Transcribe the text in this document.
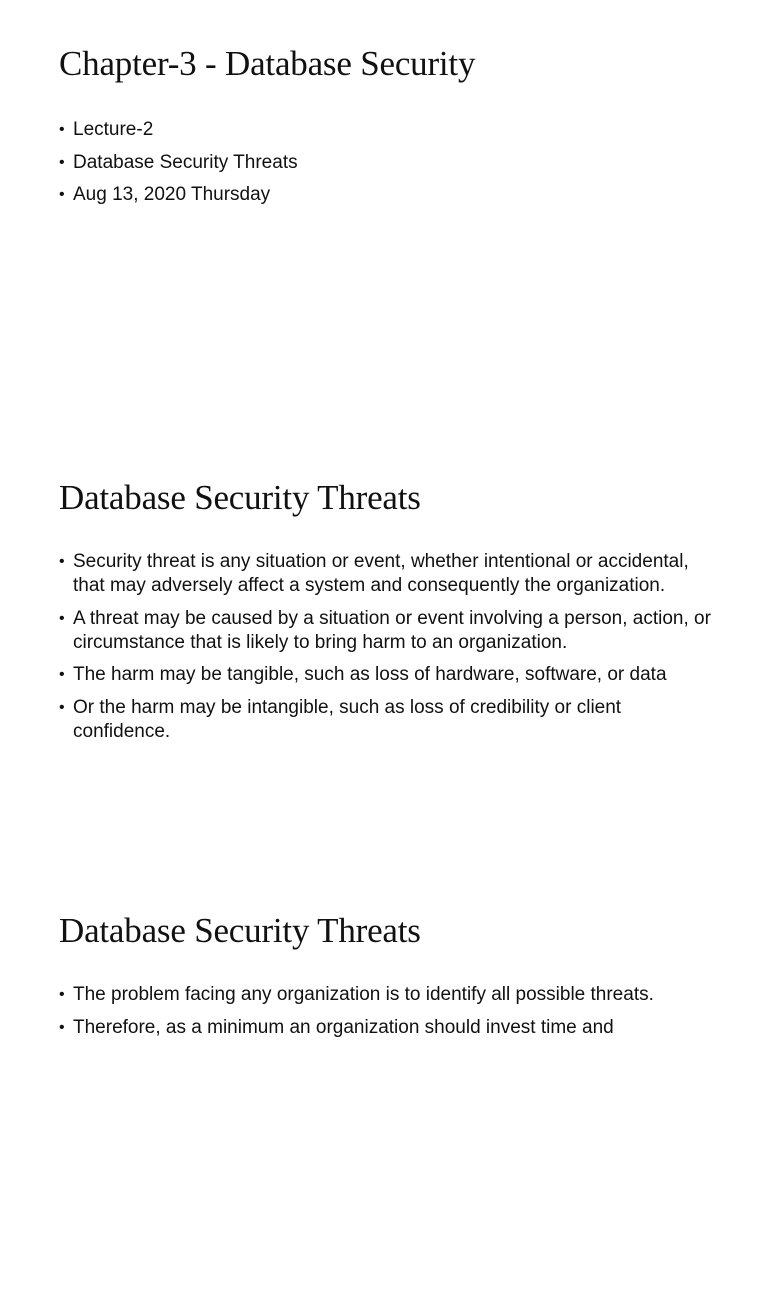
Chapter-3 - Database Security
• Lecture-2
• Database Security Threats
• Aug 13, 2020 Thursday
Database Security Threats
• Security threat is any situation or event, whether intentional or accidental, that may adversely affect a system and consequently the organization.
• A threat may be caused by a situation or event involving a person, action, or circumstance that is likely to bring harm to an organization.
• The harm may be tangible, such as loss of hardware, software, or data
• Or the harm may be intangible, such as loss of credibility or client confidence.
Database Security Threats
• The problem facing any organization is to identify all possible threats.
• Therefore, as a minimum an organization should invest time and
